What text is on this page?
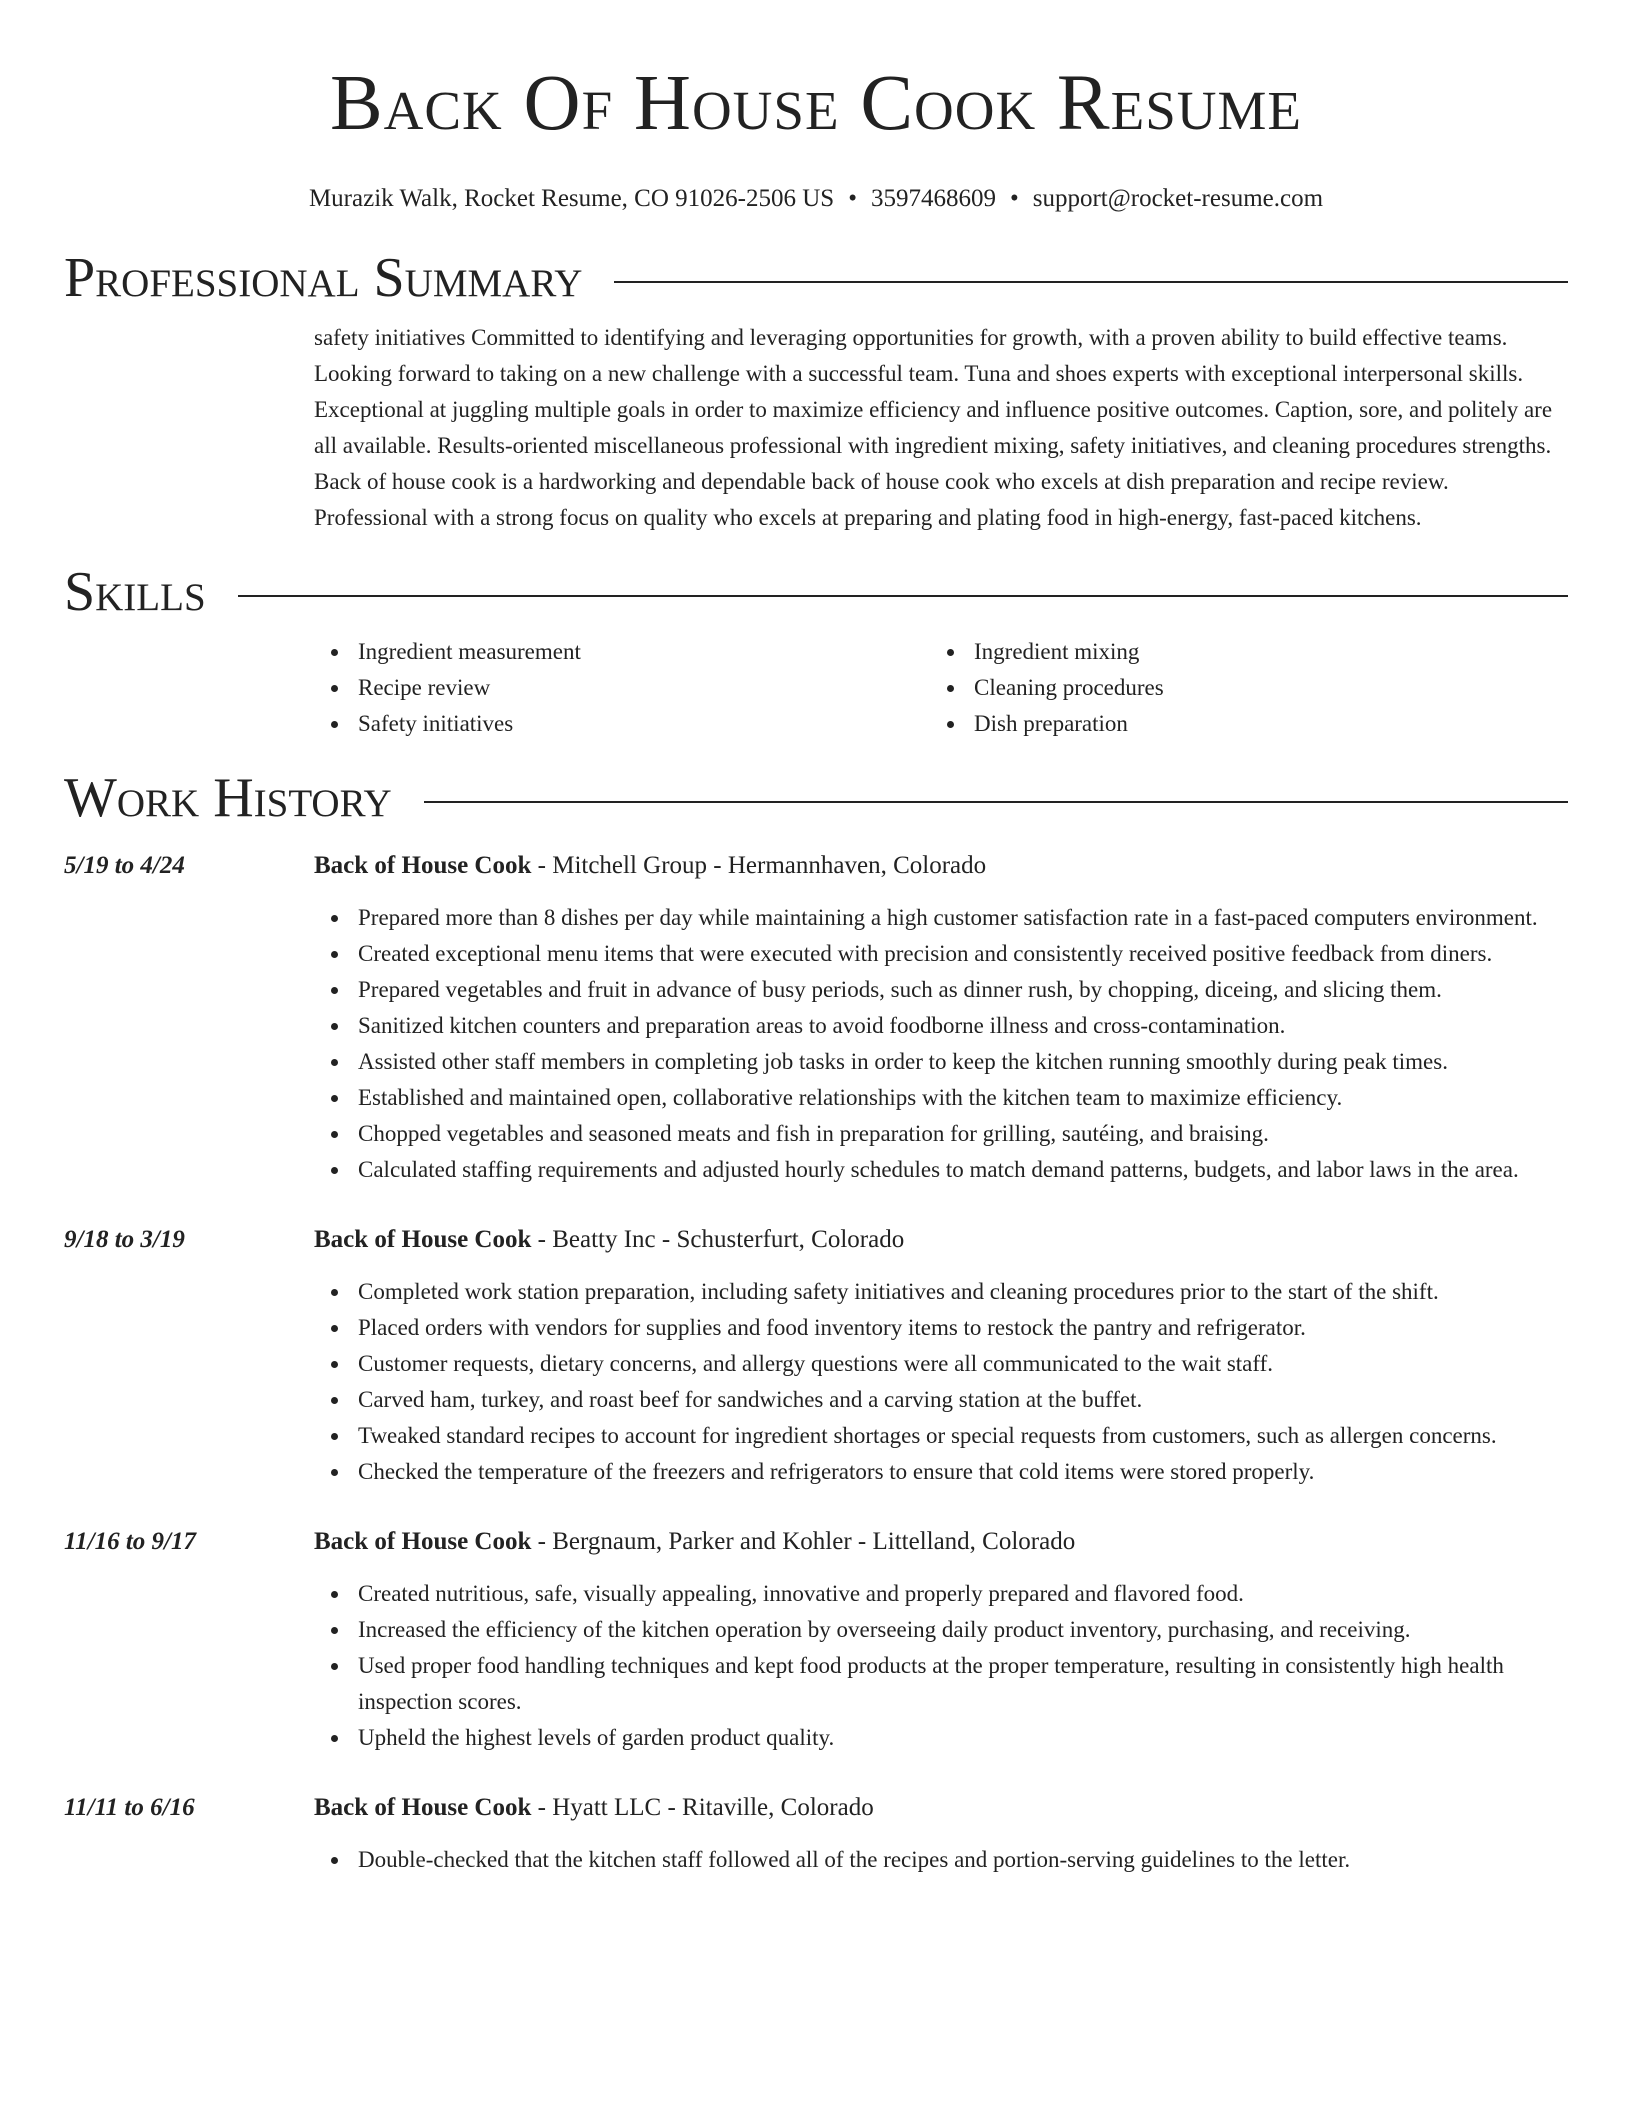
Back Of House Cook Resume
Murazik Walk, Rocket Resume, CO 91026-2506 US • 3597468609 • support@rocket-resume.com
Professional Summary

safety initiatives Committed to identifying and leveraging opportunities for growth, with a proven ability to build effective teams. Looking forward to taking on a new challenge with a successful team. Tuna and shoes experts with exceptional interpersonal skills. Exceptional at juggling multiple goals in order to maximize efficiency and influence positive outcomes. Caption, sore, and politely are all available. Results-oriented miscellaneous professional with ingredient mixing, safety initiatives, and cleaning procedures strengths. Back of house cook is a hardworking and dependable back of house cook who excels at dish preparation and recipe review. Professional with a strong focus on quality who excels at preparing and plating food in high-energy, fast-paced kitchens.

Skills
Ingredient measurement
Recipe review
Safety initiatives
Ingredient mixing
Cleaning procedures
Dish preparation
Work History
5/19 to 4/24	Back of House Cook - Mitchell Group - Hermannhaven, Colorado
Prepared more than 8 dishes per day while maintaining a high customer satisfaction rate in a fast-paced computers environment.
Created exceptional menu items that were executed with precision and consistently received positive feedback from diners.
Prepared vegetables and fruit in advance of busy periods, such as dinner rush, by chopping, diceing, and slicing them.
Sanitized kitchen counters and preparation areas to avoid foodborne illness and cross-contamination.
Assisted other staff members in completing job tasks in order to keep the kitchen running smoothly during peak times.
Established and maintained open, collaborative relationships with the kitchen team to maximize efficiency.
Chopped vegetables and seasoned meats and fish in preparation for grilling, sautéing, and braising.
Calculated staffing requirements and adjusted hourly schedules to match demand patterns, budgets, and labor laws in the area.
9/18 to 3/19	Back of House Cook - Beatty Inc - Schusterfurt, Colorado
Completed work station preparation, including safety initiatives and cleaning procedures prior to the start of the shift.
Placed orders with vendors for supplies and food inventory items to restock the pantry and refrigerator.
Customer requests, dietary concerns, and allergy questions were all communicated to the wait staff.
Carved ham, turkey, and roast beef for sandwiches and a carving station at the buffet.
Tweaked standard recipes to account for ingredient shortages or special requests from customers, such as allergen concerns.
Checked the temperature of the freezers and refrigerators to ensure that cold items were stored properly.
11/16 to 9/17	Back of House Cook - Bergnaum, Parker and Kohler - Littelland, Colorado
Created nutritious, safe, visually appealing, innovative and properly prepared and flavored food.
Increased the efficiency of the kitchen operation by overseeing daily product inventory, purchasing, and receiving.
Used proper food handling techniques and kept food products at the proper temperature, resulting in consistently high health inspection scores.
Upheld the highest levels of garden product quality.
11/11 to 6/16	Back of House Cook - Hyatt LLC - Ritaville, Colorado
Double-checked that the kitchen staff followed all of the recipes and portion-serving guidelines to the letter.
